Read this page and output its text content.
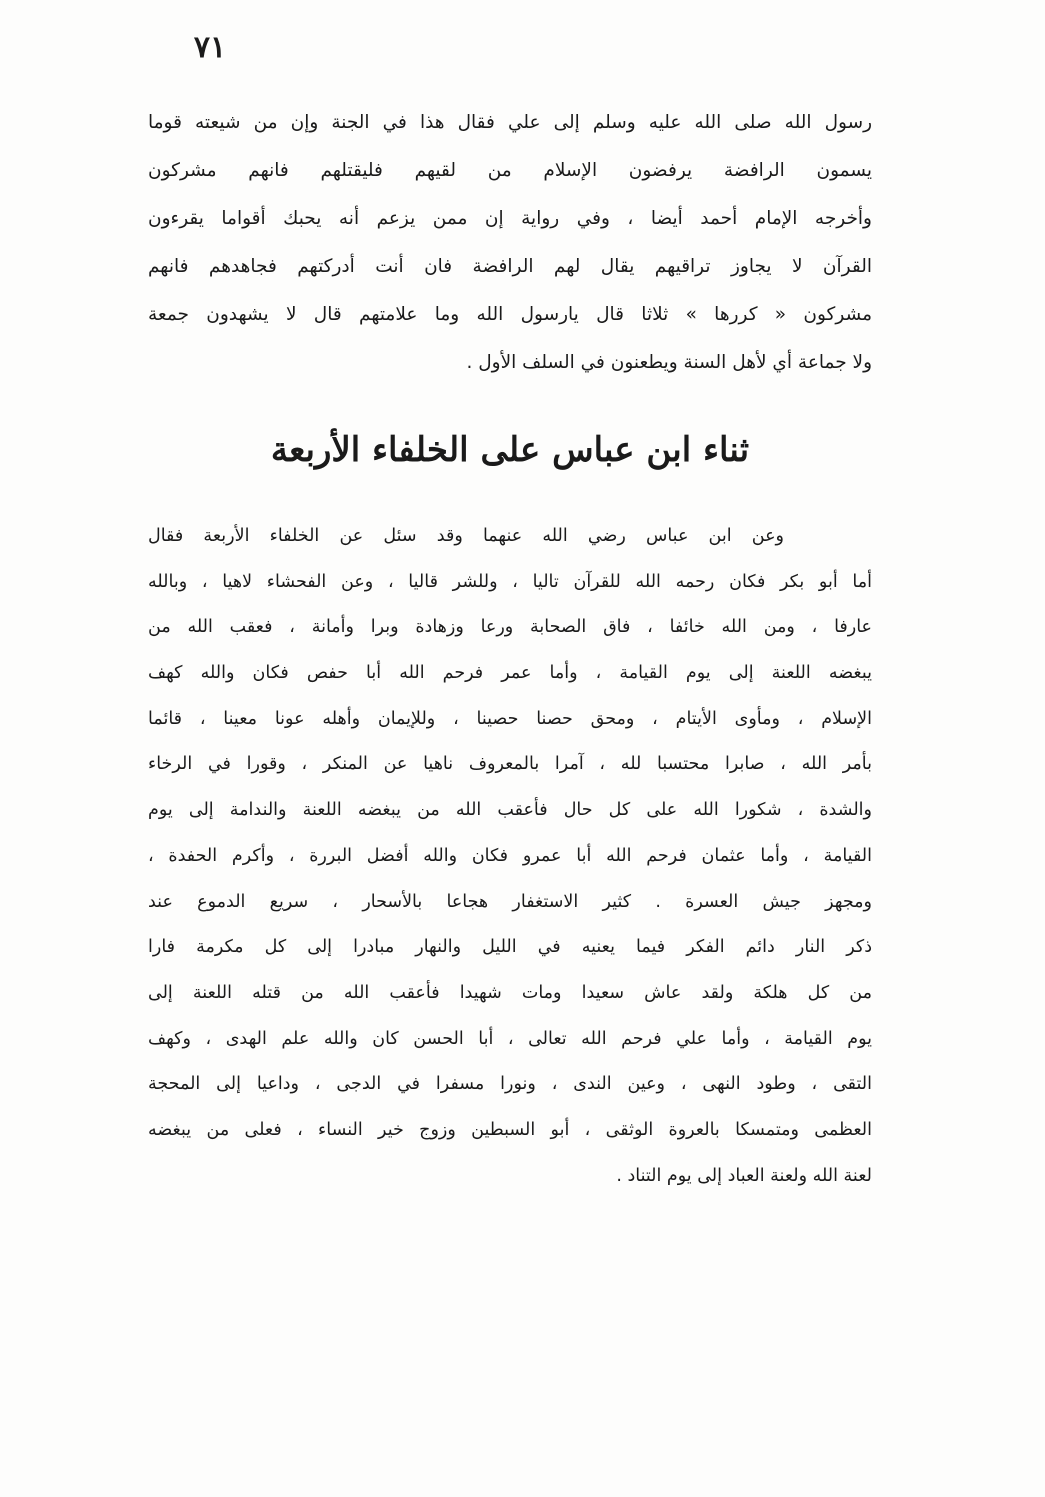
٧١
رسول الله صلى الله عليه وسلم إلى علي فقال هذا في الجنة وإن من شيعته قوما
يسمون الرافضة يرفضون الإسلام من لقيهم فليقتلهم فانهم مشركون
وأخرجه الإمام أحمد أيضا ، وفي رواية إن ممن يزعم أنه يحبك أقواما يقرءون
القرآن لا يجاوز تراقيهم يقال لهم الرافضة فان أنت أدركتهم فجاهدهم فانهم
مشركون « كررها » ثلاثا قال يارسول الله وما علامتهم قال لا يشهدون جمعة
ولا جماعة أي لأهل السنة ويطعنون في السلف الأول .
ثناء ابن عباس على الخلفاء الأربعة
وعن ابن عباس رضي الله عنهما وقد سئل عن الخلفاء الأربعة فقال
أما أبو بكر فكان رحمه الله للقرآن تاليا ، وللشر قاليا ، وعن الفحشاء لاهيا ، وبالله
عارفا ، ومن الله خائفا ، فاق الصحابة ورعا وزهادة وبرا وأمانة ، فعقب الله من
يبغضه اللعنة إلى يوم القيامة ، وأما عمر فرحم الله أبا حفص فكان والله كهف
الإسلام ، ومأوى الأيتام ، ومحق حصنا حصينا ، وللإيمان وأهله عونا معينا ، قائما
بأمر الله ، صابرا محتسبا لله ، آمرا بالمعروف ناهيا عن المنكر ، وقورا في الرخاء
والشدة ، شكورا الله على كل حال فأعقب الله من يبغضه اللعنة والندامة إلى يوم
القيامة ، وأما عثمان فرحم الله أبا عمرو فكان والله أفضل البررة ، وأكرم الحفدة ،
ومجهز جيش العسرة . كثير الاستغفار هجاعا بالأسحار ، سريع الدموع عند
ذكر النار دائم الفكر فيما يعنيه في الليل والنهار مبادرا إلى كل مكرمة فارا
من كل هلكة ولقد عاش سعيدا ومات شهيدا فأعقب الله من قتله اللعنة إلى
يوم القيامة ، وأما علي فرحم الله تعالى ، أبا الحسن كان والله علم الهدى ، وكهف
التقى ، وطود النهى ، وعين الندى ، ونورا مسفرا في الدجى ، وداعيا إلى المحجة
العظمى ومتمسكا بالعروة الوثقى ، أبو السبطين وزوج خير النساء ، فعلى من يبغضه
لعنة الله ولعنة العباد إلى يوم التناد .
